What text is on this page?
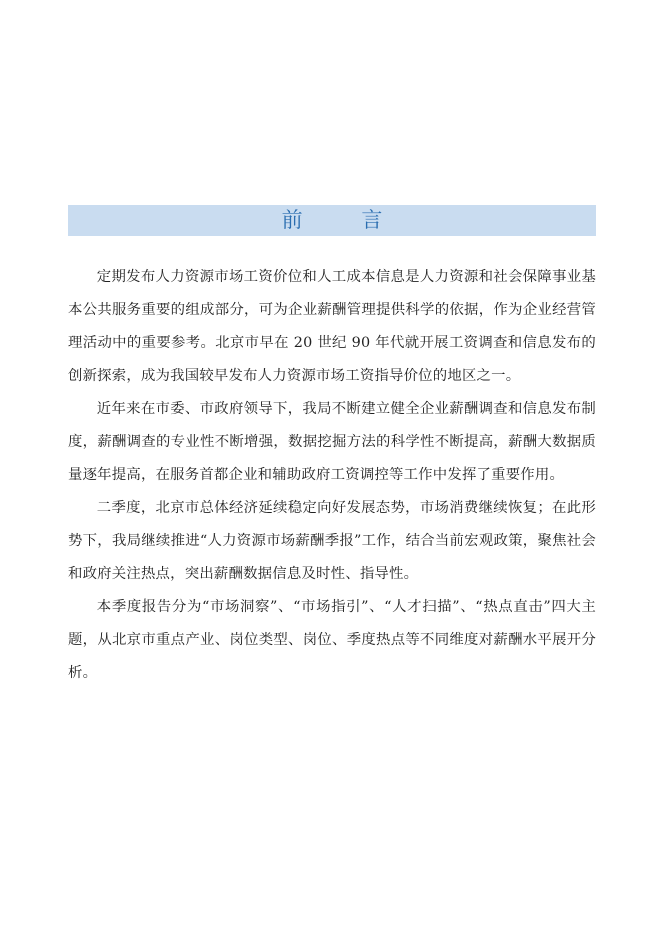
前 言

定期发布人力资源市场工资价位和人工成本信息是人力资源和社会保障事业基本公共服务重要的组成部分，可为企业薪酬管理提供科学的依据，作为企业经营管理活动中的重要参考。北京市早在 20 世纪 90 年代就开展工资调查和信息发布的创新探索，成为我国较早发布人力资源市场工资指导价位的地区之一。

近年来在市委、市政府领导下，我局不断建立健全企业薪酬调查和信息发布制度，薪酬调查的专业性不断增强，数据挖掘方法的科学性不断提高，薪酬大数据质量逐年提高，在服务首都企业和辅助政府工资调控等工作中发挥了重要作用。

二季度，北京市总体经济延续稳定向好发展态势，市场消费继续恢复；在此形势下，我局继续推进“人力资源市场薪酬季报”工作，结合当前宏观政策，聚焦社会和政府关注热点，突出薪酬数据信息及时性、指导性。

本季度报告分为“市场洞察”、“市场指引”、“人才扫描”、“热点直击”四大主题，从北京市重点产业、岗位类型、岗位、季度热点等不同维度对薪酬水平展开分析。
